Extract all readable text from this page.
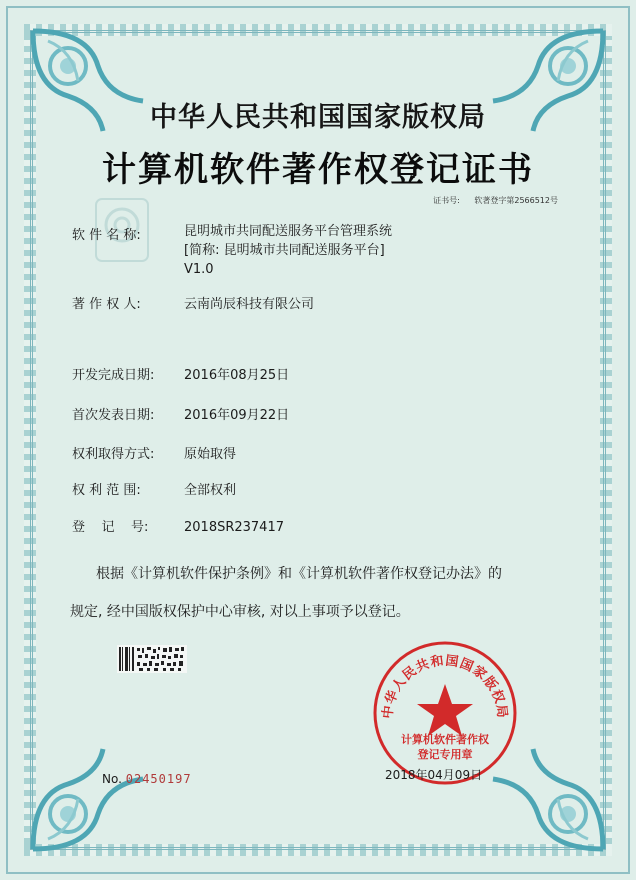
中华人民共和国国家版权局
计算机软件著作权登记证书
证书号: 软著登字第2566512号
软 件 名 称:	昆明城市共同配送服务平台管理系统
[简称: 昆明城市共同配送服务平台]
V1.0
著 作 权 人:	云南尚辰科技有限公司
开发完成日期: 2016年08月25日
首次发表日期: 2016年09月22日
权利取得方式: 原始取得
权 利 范 围:	全部权利
登    记    号:	2018SR237417
根据《计算机软件保护条例》和《计算机软件著作权登记办法》的
规定, 经中国版权保护中心审核, 对以上事项予以登记。
中华人民共和国国家版权局
计算机软件著作权
登记专用章
No. 02450197	2018年04月09日
